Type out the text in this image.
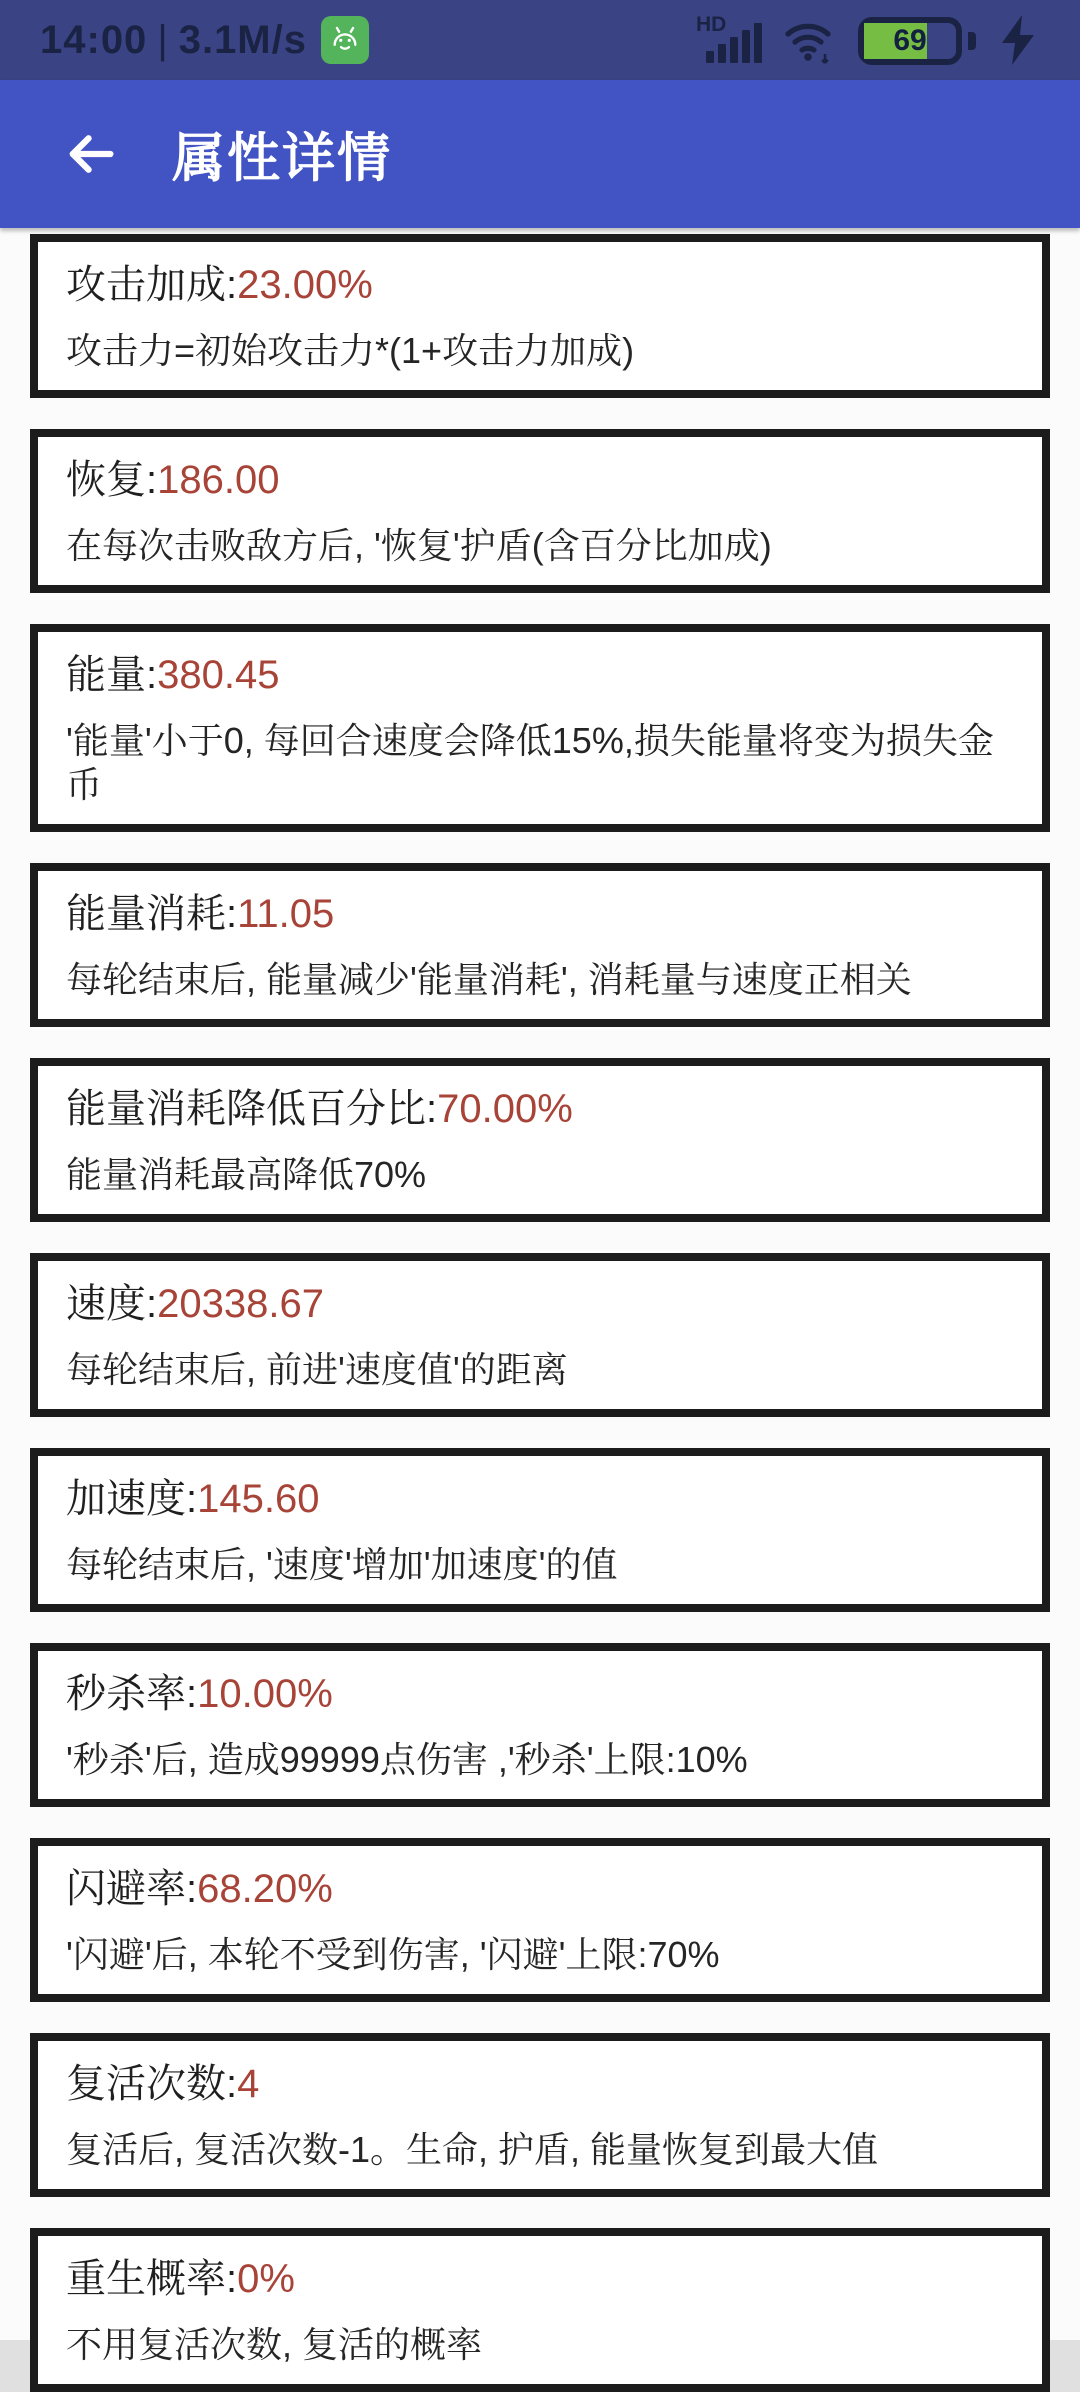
14:00 | 3.1M/s	HD	69
属性详情
攻击加成:23.00%
攻击力=初始攻击力*(1+攻击力加成)
恢复:186.00
在每次击败敌方后, '恢复'护盾(含百分比加成)
能量:380.45
'能量'小于0, 每回合速度会降低15%,损失能量将变为损失金币
能量消耗:11.05
每轮结束后, 能量减少'能量消耗', 消耗量与速度正相关
能量消耗降低百分比:70.00%
能量消耗最高降低70%
速度:20338.67
每轮结束后, 前进'速度值'的距离
加速度:145.60
每轮结束后, '速度'增加'加速度'的值
秒杀率:10.00%
'秒杀'后, 造成99999点伤害 ,'秒杀'上限:10%
闪避率:68.20%
'闪避'后, 本轮不受到伤害, '闪避'上限:70%
复活次数:4
复活后, 复活次数-1。生命, 护盾, 能量恢复到最大值
重生概率:0%
不用复活次数, 复活的概率
